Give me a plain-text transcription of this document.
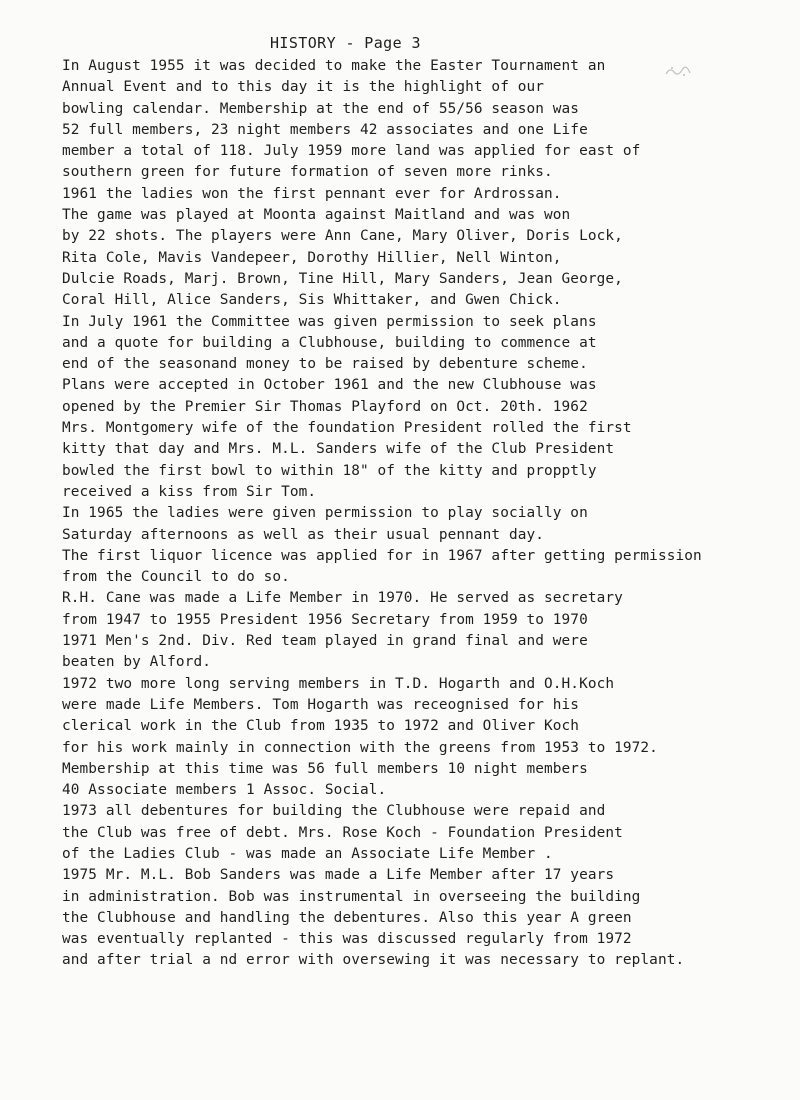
HISTORY - Page 3
In August 1955 it was decided to make the Easter Tournament an
Annual Event and to this day it is the highlight of our
bowling calendar. Membership at the end of 55/56 season was
52 full members, 23 night members 42 associates and one Life
member a total of 118. July 1959 more land was applied for east of
southern green for future formation of seven more rinks.
1961 the ladies won the first pennant ever for Ardrossan.
The game was played at Moonta against Maitland and was won
by 22 shots. The players were Ann Cane, Mary Oliver, Doris Lock,
Rita Cole, Mavis Vandepeer, Dorothy Hillier, Nell Winton,
Dulcie Roads, Marj. Brown, Tine Hill, Mary Sanders, Jean George,
Coral Hill, Alice Sanders, Sis Whittaker, and Gwen Chick.
In July 1961 the Committee was given permission to seek plans
and a quote for building a Clubhouse, building to commence at
end of the seasonand money to be raised by debenture scheme.
Plans were accepted in October 1961 and the new Clubhouse was
opened by the Premier Sir Thomas Playford on Oct. 20th. 1962
Mrs. Montgomery wife of the foundation President rolled the first
kitty that day and Mrs. M.L. Sanders wife of the Club President
bowled the first bowl to within 18" of the kitty and propptly
received a kiss from Sir Tom.
In 1965 the ladies were given permission to play socially on
Saturday afternoons as well as their usual pennant day.
The first liquor licence was applied for in 1967 after getting permission
from the Council to do so.
R.H. Cane was made a Life Member in 1970. He served as secretary
from 1947 to 1955 President 1956 Secretary from 1959 to 1970
1971 Men's 2nd. Div. Red team played in grand final and were
beaten by Alford.
1972 two more long serving members in T.D. Hogarth and O.H.Koch
were made Life Members. Tom Hogarth was receognised for his
clerical work in the Club from 1935 to 1972 and Oliver Koch
for his work mainly in connection with the greens from 1953 to 1972.
Membership at this time was 56 full members 10 night members
40 Associate members 1 Assoc. Social.
1973 all debentures for building the Clubhouse were repaid and
the Club was free of debt. Mrs. Rose Koch - Foundation President
of the Ladies Club - was made an Associate Life Member .
1975 Mr. M.L. Bob Sanders was made a Life Member after 17 years
in administration. Bob was instrumental in overseeing the building
the Clubhouse and handling the debentures. Also this year A green
was eventually replanted - this was discussed regularly from 1972
and after trial a nd error with oversewing it was necessary to replant.
